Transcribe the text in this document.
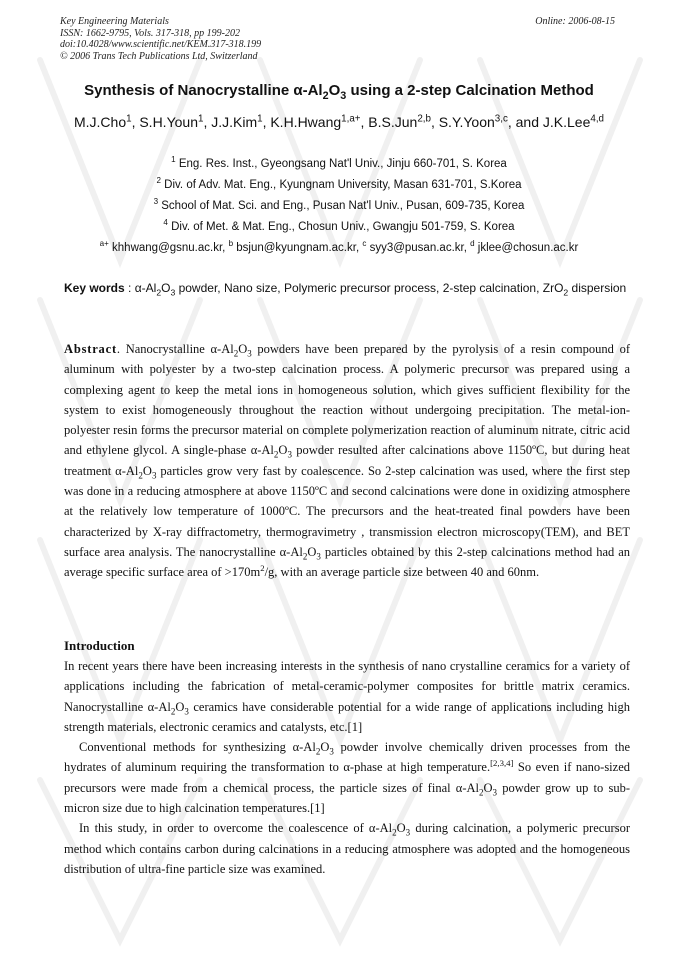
Key Engineering Materials
ISSN: 1662-9795, Vols. 317-318, pp 199-202
doi:10.4028/www.scientific.net/KEM.317-318.199
© 2006 Trans Tech Publications Ltd, Switzerland
Online: 2006-08-15
Synthesis of Nanocrystalline $\alpha-Al_2O_3$ using a 2-step Calcination Method
M.J.Cho$^1$, S.H.Youn$^1$, J.J.Kim$^1$, K.H.Hwang$^{1,a+}$, B.S.Jun$^{2,b}$, S.Y.Yoon$^{3,c}$, and J.K.Lee$^{4,d}$
$^1$ Eng. Res. Inst., Gyeongsang Nat'l Univ., Jinju 660-701, S. Korea
$^2$ Div. of Adv. Mat. Eng., Kyungnam University, Masan 631-701, S.Korea
$^3$ School of Mat. Sci. and Eng., Pusan Nat'l Univ., Pusan, 609-735, Korea
$^4$ Div. of Met. & Mat. Eng., Chosun Univ., Gwangju 501-759, S. Korea
$^{a+}$ khhwang@gsnu.ac.kr, $^b$ bsjun@kyungnam.ac.kr, $^c$ syy3@pusan.ac.kr, $^d$ jklee@chosun.ac.kr
Key words : $\alpha-Al_2O_3$ powder, Nano size, Polymeric precursor process, 2-step calcination, ZrO$_2$ dispersion
Abstract. Nanocrystalline $\alpha-Al_2O_3$ powders have been prepared by the pyrolysis of a resin compound of aluminum with polyester by a two-step calcination process. A polymeric precursor was prepared using a complexing agent to keep the metal ions in homogeneous solution, which gives sufficient flexibility for the system to exist homogeneously throughout the reaction without undergoing precipitation. The metal-ion-polyester resin forms the precursor material on complete polymerization reaction of aluminum nitrate, citric acid and ethylene glycol. A single-phase $\alpha-Al_2O_3$ powder resulted after calcinations above 1150ºC, but during heat treatment $\alpha-Al_2O_3$ particles grow very fast by coalescence. So 2-step calcination was used, where the first step was done in a reducing atmosphere at above 1150ºC and second calcinations were done in oxidizing atmosphere at the relatively low temperature of 1000ºC. The precursors and the heat-treated final powders have been characterized by X-ray diffractometry, thermogravimetry , transmission electron microscopy(TEM), and BET surface area analysis. The nanocrystalline $\alpha-Al_2O_3$ particles obtained by this 2-step calcinations method had an average specific surface area of $>170m^2/g$, with an average particle size between 40 and 60nm.
Introduction

In recent years there have been increasing interests in the synthesis of nano crystalline ceramics for a variety of applications including the fabrication of metal-ceramic-polymer composites for brittle matrix ceramics. Nanocrystalline $\alpha-Al_2O_3$ ceramics have considerable potential for a wide range of applications including high strength materials, electronic ceramics and catalysts, etc.[1]

Conventional methods for synthesizing $\alpha-Al_2O_3$ powder involve chemically driven processes from the hydrates of aluminum requiring the transformation to α-phase at high temperature.[2,3,4] So even if nano-sized precursors were made from a chemical process, the particle sizes of final $\alpha-Al_2O_3$ powder grow up to sub-micron size due to high calcination temperatures.[1]

In this study, in order to overcome the coalescence of $\alpha-Al_2O_3$ during calcination, a polymeric precursor method which contains carbon during calcinations in a reducing atmosphere was adopted and the homogeneous distribution of ultra-fine particle size was examined.
